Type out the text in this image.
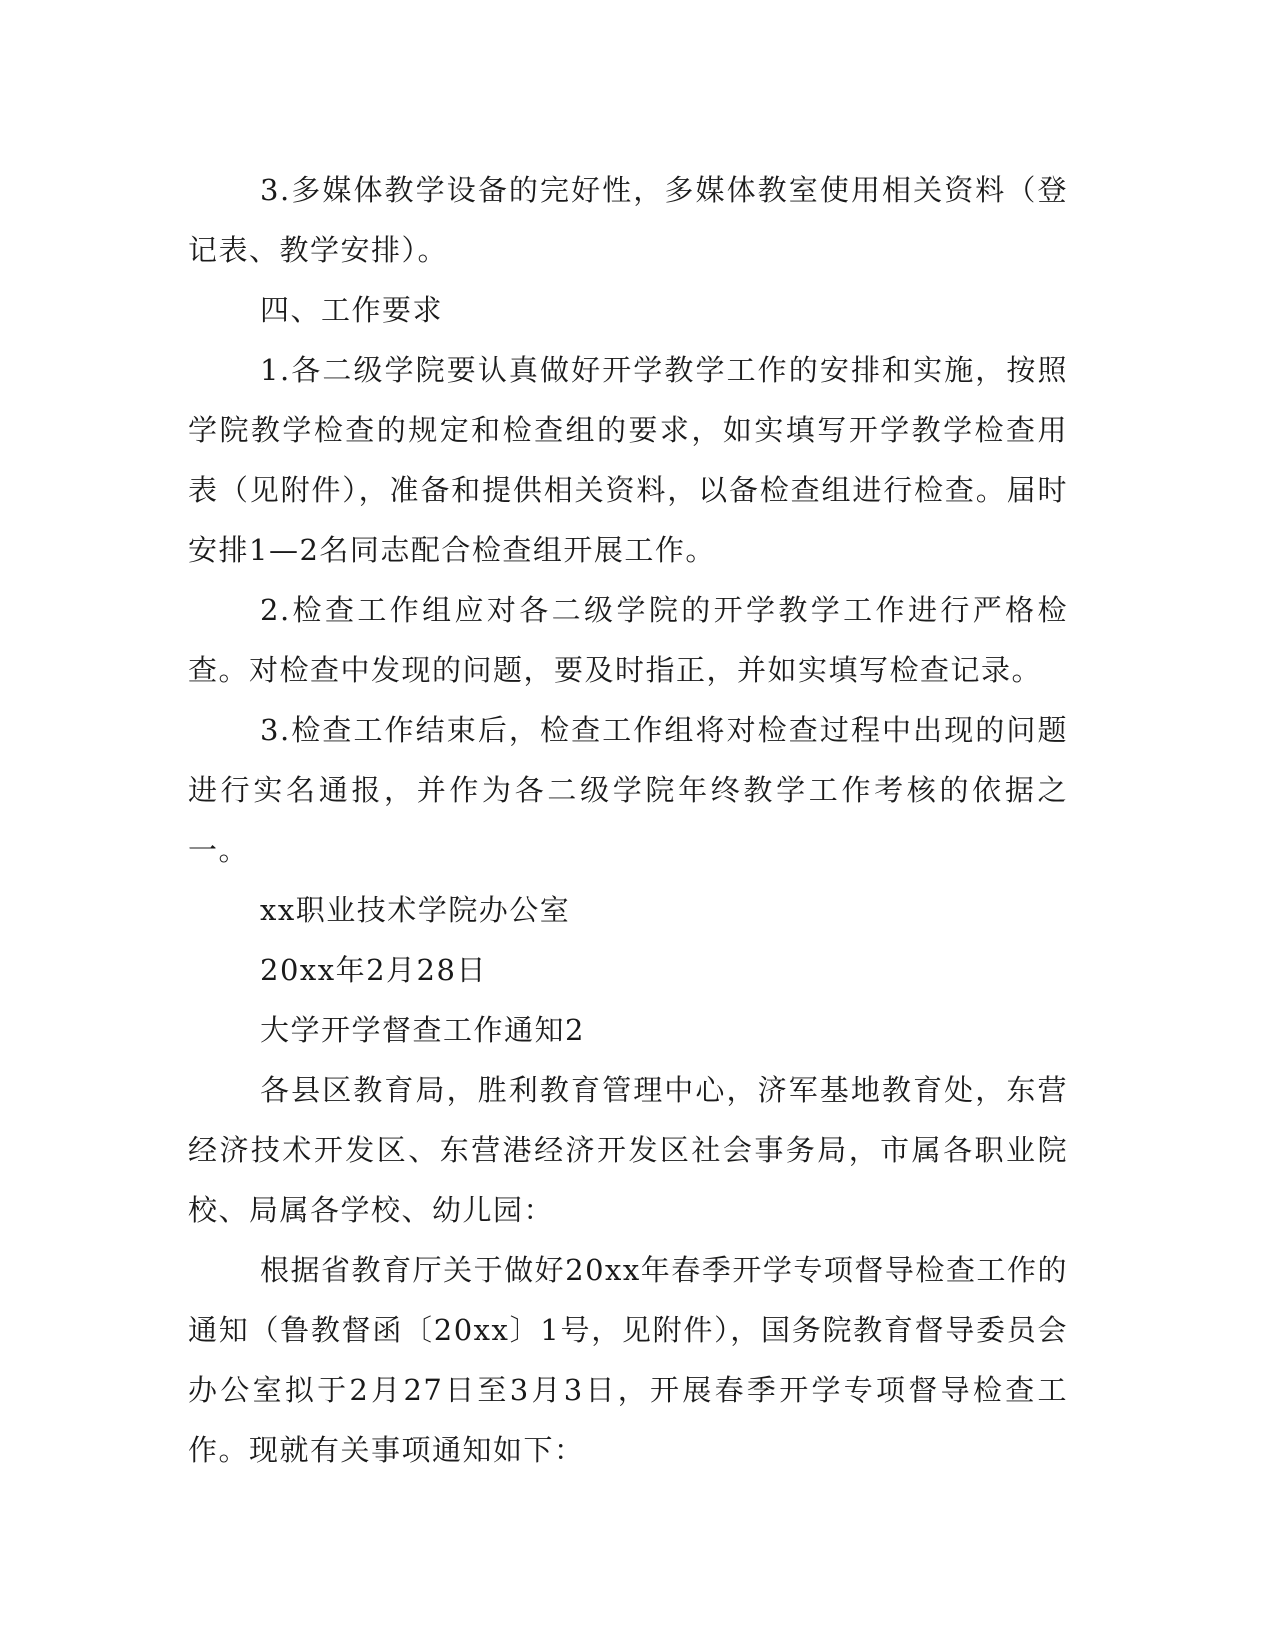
3.多媒体教学设备的完好性，多媒体教室使用相关资料（登记表、教学安排）。

四、工作要求

1.各二级学院要认真做好开学教学工作的安排和实施，按照学院教学检查的规定和检查组的要求，如实填写开学教学检查用表（见附件），准备和提供相关资料，以备检查组进行检查。届时安排1—2名同志配合检查组开展工作。

2.检查工作组应对各二级学院的开学教学工作进行严格检查。对检查中发现的问题，要及时指正，并如实填写检查记录。

3.检查工作结束后，检查工作组将对检查过程中出现的问题进行实名通报，并作为各二级学院年终教学工作考核的依据之一。

xx职业技术学院办公室

20xx年2月28日

大学开学督查工作通知2

各县区教育局，胜利教育管理中心，济军基地教育处，东营经济技术开发区、东营港经济开发区社会事务局，市属各职业院校、局属各学校、幼儿园：

根据省教育厅关于做好20xx年春季开学专项督导检查工作的通知（鲁教督函〔20xx〕1号，见附件），国务院教育督导委员会办公室拟于2月27日至3月3日，开展春季开学专项督导检查工作。现就有关事项通知如下：
